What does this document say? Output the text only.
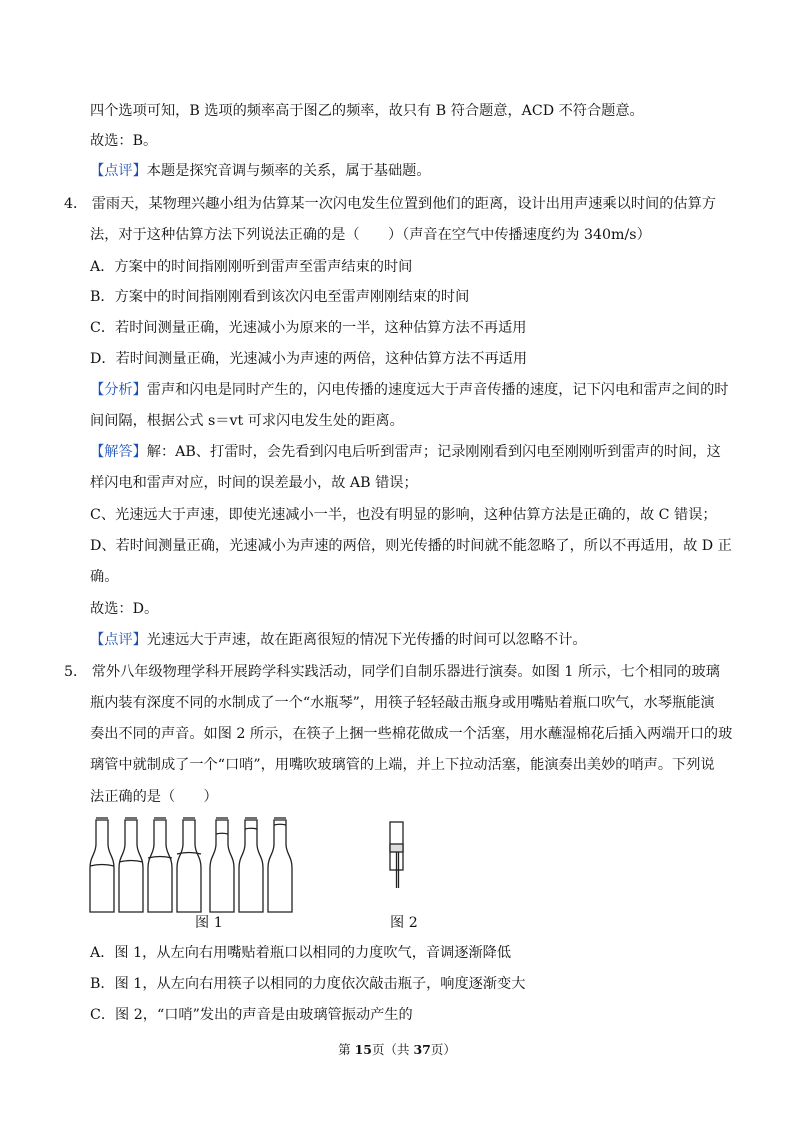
四个选项可知，B 选项的频率高于图乙的频率，故只有 B 符合题意，ACD 不符合题意。
故选：B。
【点评】本题是探究音调与频率的关系，属于基础题。
4． 雷雨天，某物理兴趣小组为估算某一次闪电发生位置到他们的距离，设计出用声速乘以时间的估算方
法，对于这种估算方法下列说法正确的是（　　）（声音在空气中传播速度约为 340m/s）
A．方案中的时间指刚刚听到雷声至雷声结束的时间
B．方案中的时间指刚刚看到该次闪电至雷声刚刚结束的时间
C．若时间测量正确，光速减小为原来的一半，这种估算方法不再适用
D．若时间测量正确，光速减小为声速的两倍，这种估算方法不再适用
【分析】雷声和闪电是同时产生的，闪电传播的速度远大于声音传播的速度，记下闪电和雷声之间的时
间间隔，根据公式 s＝vt 可求闪电发生处的距离。
【解答】解：AB、打雷时，会先看到闪电后听到雷声；记录刚刚看到闪电至刚刚听到雷声的时间，这
样闪电和雷声对应，时间的误差最小，故 AB 错误；
C、光速远大于声速，即使光速减小一半，也没有明显的影响，这种估算方法是正确的，故 C 错误；
D、若时间测量正确，光速减小为声速的两倍，则光传播的时间就不能忽略了，所以不再适用，故 D 正
确。
故选：D。
【点评】光速远大于声速，故在距离很短的情况下光传播的时间可以忽略不计。
5． 常外八年级物理学科开展跨学科实践活动，同学们自制乐器进行演奏。如图 1 所示，七个相同的玻璃
瓶内装有深度不同的水制成了一个“水瓶琴”，用筷子轻轻敲击瓶身或用嘴贴着瓶口吹气，水琴瓶能演
奏出不同的声音。如图 2 所示，在筷子上捆一些棉花做成一个活塞，用水蘸湿棉花后插入两端开口的玻
璃管中就制成了一个“口哨”，用嘴吹玻璃管的上端，并上下拉动活塞，能演奏出美妙的哨声。下列说
法正确的是（　　）
图 1	图 2
A．图 1，从左向右用嘴贴着瓶口以相同的力度吹气，音调逐渐降低
B．图 1，从左向右用筷子以相同的力度依次敲击瓶子，响度逐渐变大
C．图 2，“口哨”发出的声音是由玻璃管振动产生的
第 15页（共 37页）
